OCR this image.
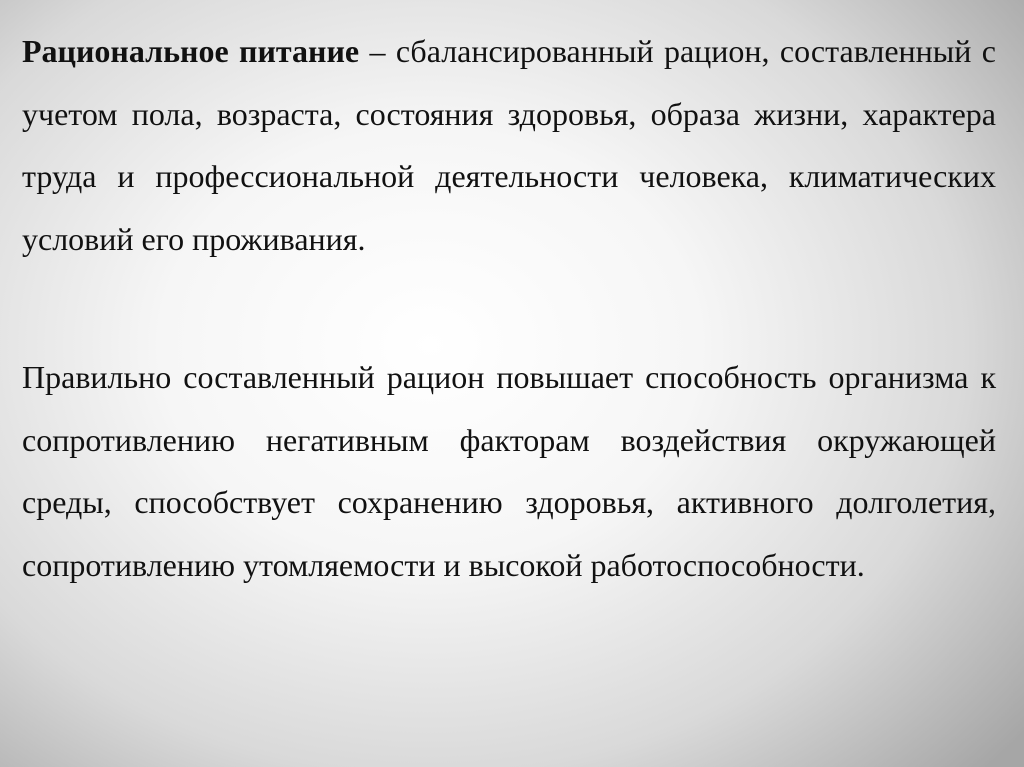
Рациональное питание – сбалансированный рацион, составленный с учетом пола, возраста, состояния здоровья, образа жизни, характера труда и профессиональной деятельности человека, климатических условий его проживания.

Правильно составленный рацион повышает способность организма к сопротивлению негативным факторам воздействия окружающей среды, способствует сохранению здоровья, активного долголетия, сопротивлению утомляемости и высокой работоспособности.
